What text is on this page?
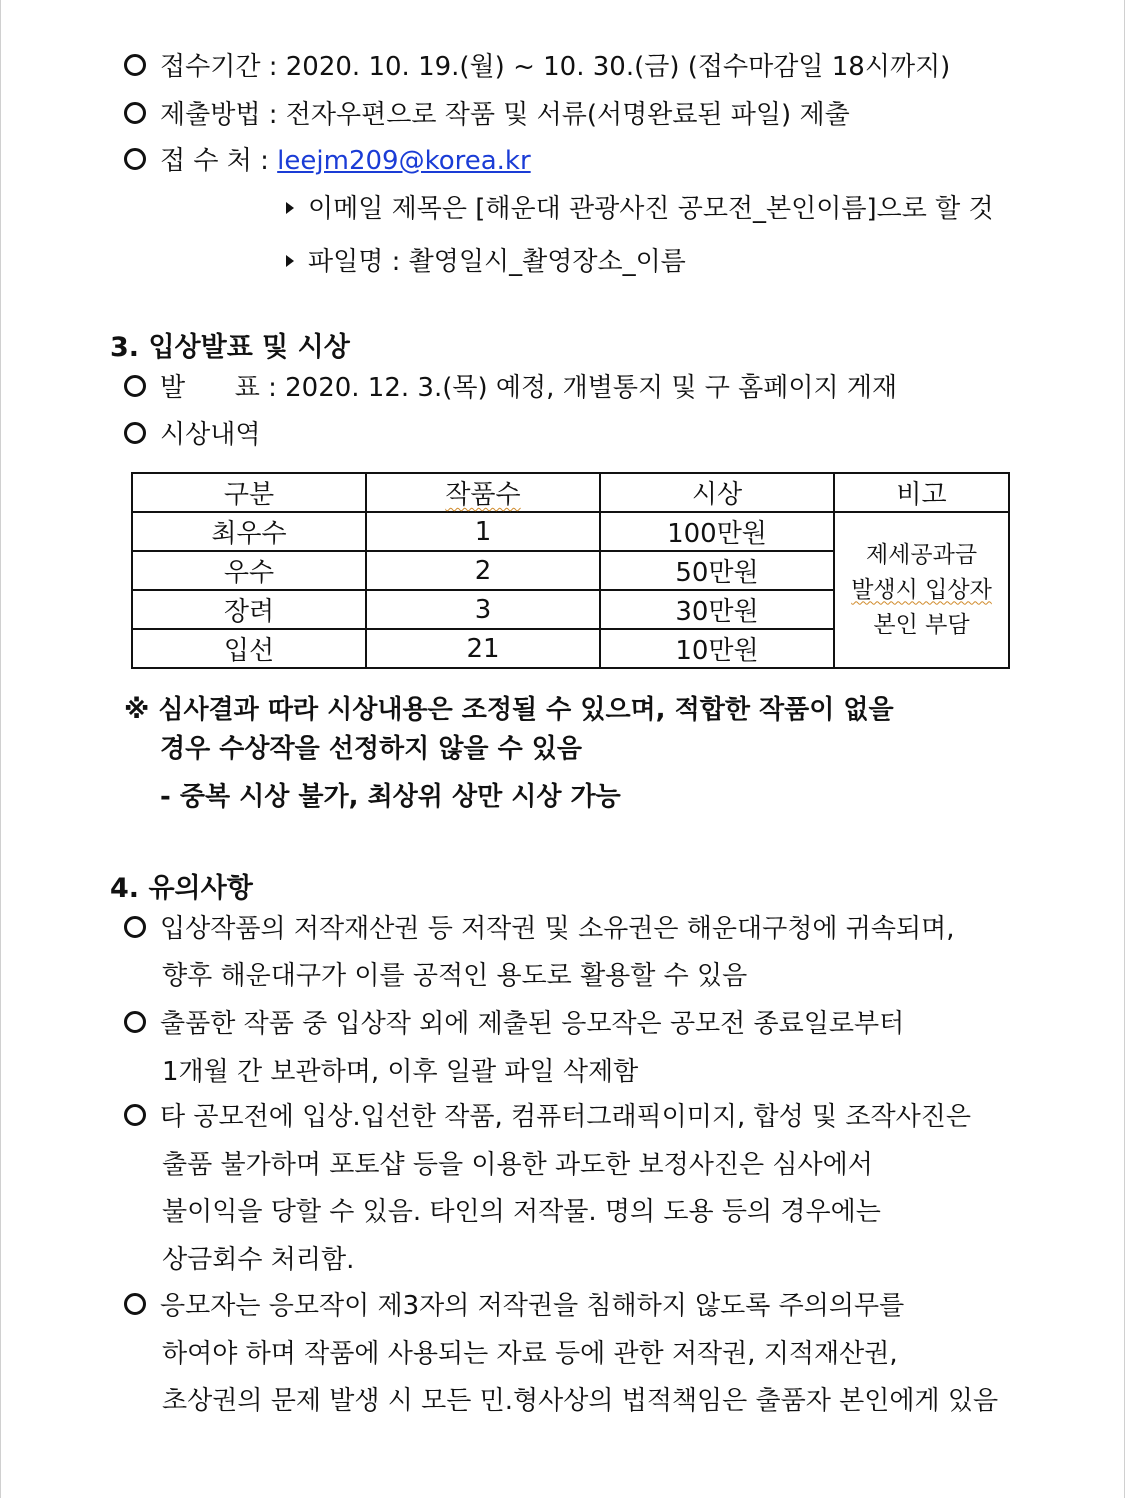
접수기간 : 2020. 10. 19.(월) ~ 10. 30.(금) (접수마감일 18시까지)
제출방법 : 전자우편으로 작품 및 서류(서명완료된 파일) 제출
접 수 처 : leejm209@korea.kr
이메일 제목은 [해운대 관광사진 공모전_본인이름]으로 할 것
파일명 : 촬영일시_촬영장소_이름
3. 입상발표 및 시상
발      표 : 2020. 12. 3.(목) 예정, 개별통지 및 구 홈페이지 게재
시상내역
구분	작품수	시상	비고
최우수	1	100만원	제세공과금
발생시 입상자
본인 부담

우수	2	50만원	
장려	3	30만원	
입선	21	10만원	
※ 심사결과 따라 시상내용은 조정될 수 있으며, 적합한 작품이 없을
경우 수상작을 선정하지 않을 수 있음
- 중복 시상 불가, 최상위 상만 시상 가능
4. 유의사항
입상작품의 저작재산권 등 저작권 및 소유권은 해운대구청에 귀속되며,
향후 해운대구가 이를 공적인 용도로 활용할 수 있음
출품한 작품 중 입상작 외에 제출된 응모작은 공모전 종료일로부터
1개월 간 보관하며, 이후 일괄 파일 삭제함
타 공모전에 입상.입선한 작품, 컴퓨터그래픽이미지, 합성 및 조작사진은
출품 불가하며 포토샵 등을 이용한 과도한 보정사진은 심사에서
불이익을 당할 수 있음. 타인의 저작물. 명의 도용 등의 경우에는
상금회수 처리함.
응모자는 응모작이 제3자의 저작권을 침해하지 않도록 주의의무를
하여야 하며 작품에 사용되는 자료 등에 관한 저작권, 지적재산권,
초상권의 문제 발생 시 모든 민.형사상의 법적책임은 출품자 본인에게 있음
